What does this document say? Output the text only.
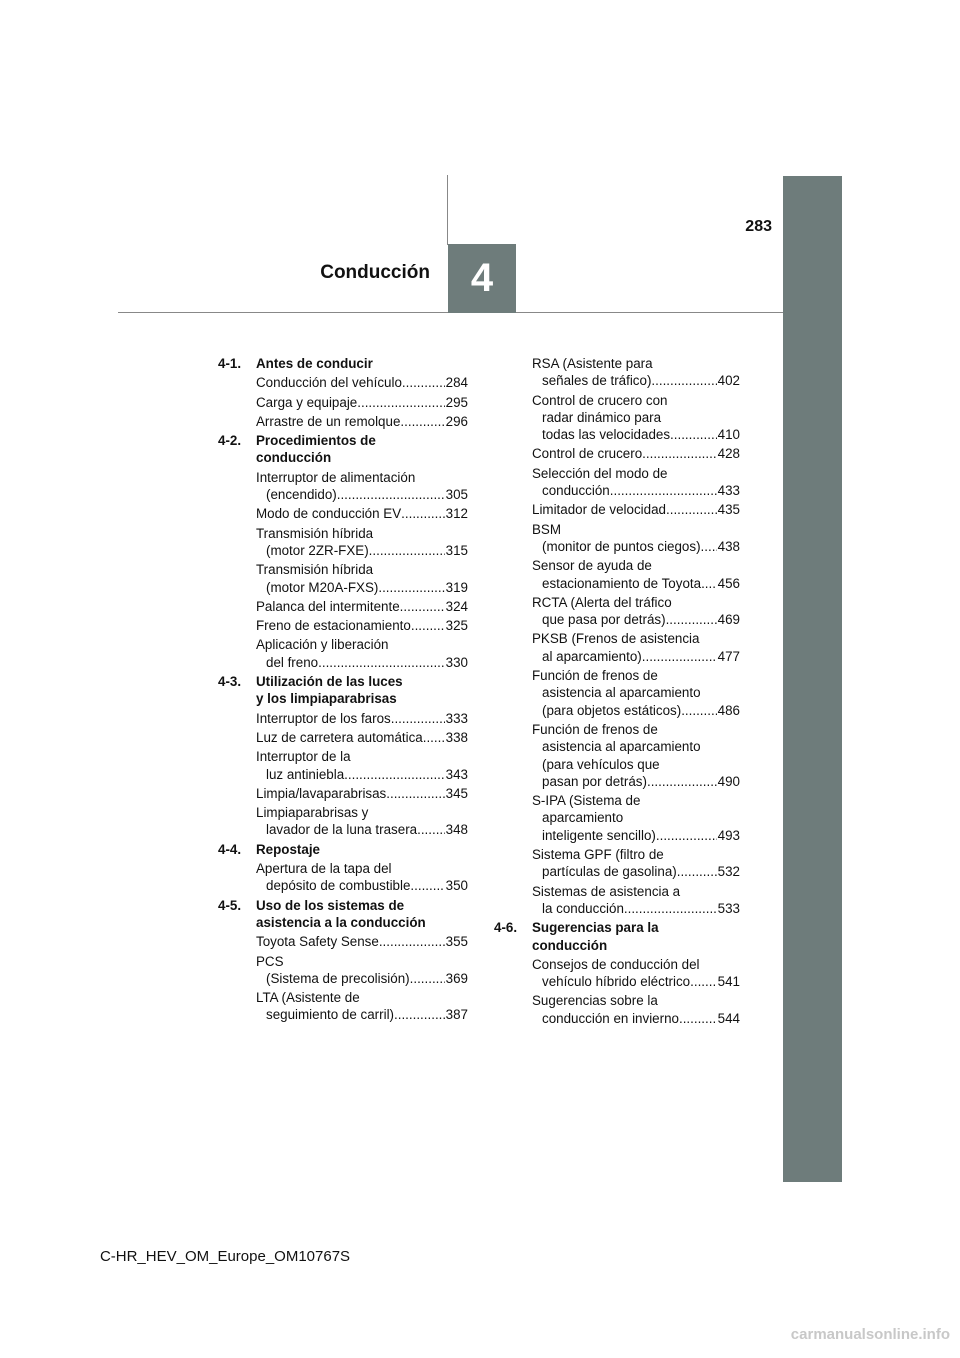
4
Conducción
283
4-1.	Antes de conducir
Conducción del vehículo .....	284
Carga y equipaje .....	295
Arrastre de un remolque .....	296
4-2.	Procedimientos de
conducción
Interruptor de alimentación
(encendido) .....	305
Modo de conducción EV .....	312
Transmisión híbrida
(motor 2ZR-FXE) .....	315
Transmisión híbrida
(motor M20A-FXS) .....	319
Palanca del intermitente .....	324
Freno de estacionamiento .....	325
Aplicación y liberación
del freno .....	330
4-3.	Utilización de las luces
y los limpiaparabrisas
Interruptor de los faros .....	333
Luz de carretera automática ..... 338
Interruptor de la
luz antiniebla .....	343
Limpia/lavaparabrisas .....	345
Limpiaparabrisas y
lavador de la luna trasera ..... 348
4-4.	Repostaje
Apertura de la tapa del
depósito de combustible .....	350
4-5.	Uso de los sistemas de
asistencia a la conducción
Toyota Safety Sense .....	355
PCS
(Sistema de precolisión) .....	369
LTA (Asistente de
seguimiento de carril) .....	387
RSA (Asistente para
señales de tráfico) .....	402
Control de crucero con
radar dinámico para
todas las velocidades .....	410
Control de crucero .....	428
Selección del modo de
conducción .....	433
Limitador de velocidad .....	435
BSM
(monitor de puntos ciegos) ..... 438
Sensor de ayuda de
estacionamiento de Toyota ..... 456
RCTA (Alerta del tráfico
que pasa por detrás) .....	469
PKSB (Frenos de asistencia
al aparcamiento) .....	477
Función de frenos de
asistencia al aparcamiento
(para objetos estáticos) .....	486
Función de frenos de
asistencia al aparcamiento
(para vehículos que
pasan por detrás) .....	490
S-IPA (Sistema de
aparcamiento
inteligente sencillo) .....	493
Sistema GPF (filtro de
partículas de gasolina) .....	532
Sistemas de asistencia a
la conducción .....	533
4-6.	Sugerencias para la
conducción
Consejos de conducción del
vehículo híbrido eléctrico ..... 541
Sugerencias sobre la
conducción en invierno .....	544
C-HR_HEV_OM_Europe_OM10767S
carmanualsonline.info
